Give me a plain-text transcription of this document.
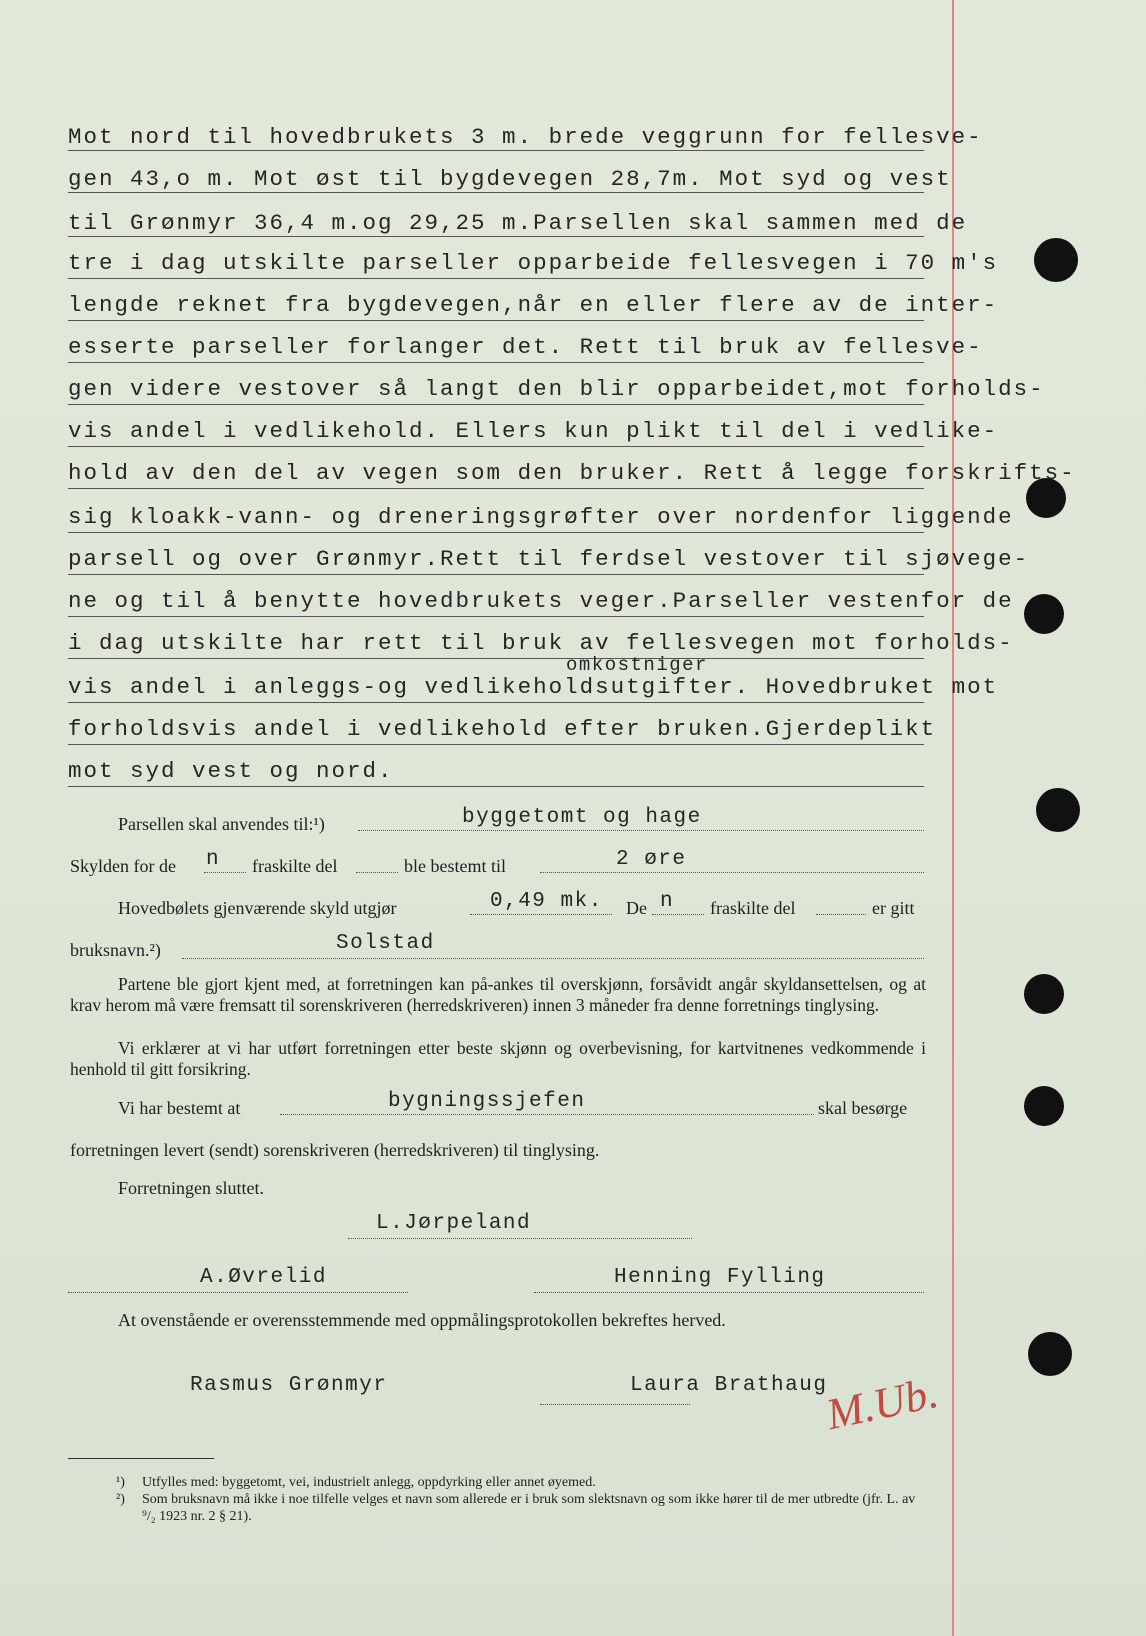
Mot nord til hovedbrukets 3 m. brede veggrunn for fellesve-
gen 43,o m. Mot øst til bygdevegen 28,7m. Mot syd og vest
til Grønmyr 36,4 m.og 29,25 m.Parsellen skal sammen med de
tre i dag utskilte parseller opparbeide fellesvegen i 70 m's
lengde reknet fra bygdevegen,når en eller flere av de inter-
esserte parseller forlanger det. Rett til bruk av fellesve-
gen videre vestover så langt den blir opparbeidet,mot forholds-
vis andel i vedlikehold. Ellers kun plikt til del i vedlike-
hold av den del av vegen som den bruker. Rett å legge forskrifts-
sig kloakk-vann- og dreneringsgrøfter over nordenfor liggende
parsell og over Grønmyr.Rett til ferdsel vestover til sjøvege-
ne og til å benytte hovedbrukets veger.Parseller vestenfor de
i dag utskilte har rett til bruk av fellesvegen mot forholds-
omkostniger
vis andel i anleggs-og vedlikeholdsutgifter. Hovedbruket mot
forholdsvis andel i vedlikehold efter bruken.Gjerdeplikt
mot syd vest og nord.
Parsellen skal anvendes til:¹)	byggetomt og hage
Skylden for de n fraskilte del	ble bestemt til	2 øre
Hovedbølets gjenværende skyld utgjør	0,49 mk. De n fraskilte del	er gitt
bruksnavn.²)	Solstad
Partene ble gjort kjent med, at forretningen kan på-ankes til overskjønn, forsåvidt angår skyldansettelsen, og at krav herom må være fremsatt til sorenskriveren (herredskriveren) innen 3 måneder fra denne forretnings tinglysing.
Vi erklærer at vi har utført forretningen etter beste skjønn og overbevisning, for kartvitnenes vedkommende i henhold til gitt forsikring.
Vi har bestemt at	bygningssjefen	skal besørge
forretningen levert (sendt) sorenskriveren (herredskriveren) til tinglysing.
Forretningen sluttet.
L.Jørpeland
A.Øvrelid	Henning Fylling
At ovenstående er overensstemmende med oppmålingsprotokollen bekreftes herved.
Rasmus Grønmyr	Laura Brathaug
M.Ub.
¹) Utfylles med: byggetomt, vei, industrielt anlegg, oppdyrking eller annet øyemed.
²) Som bruksnavn må ikke i noe tilfelle velges et navn som allerede er i bruk som slektsnavn og som ikke hører til de mer utbredte (jfr. L. av ⁹/₂ 1923 nr. 2 § 21).
